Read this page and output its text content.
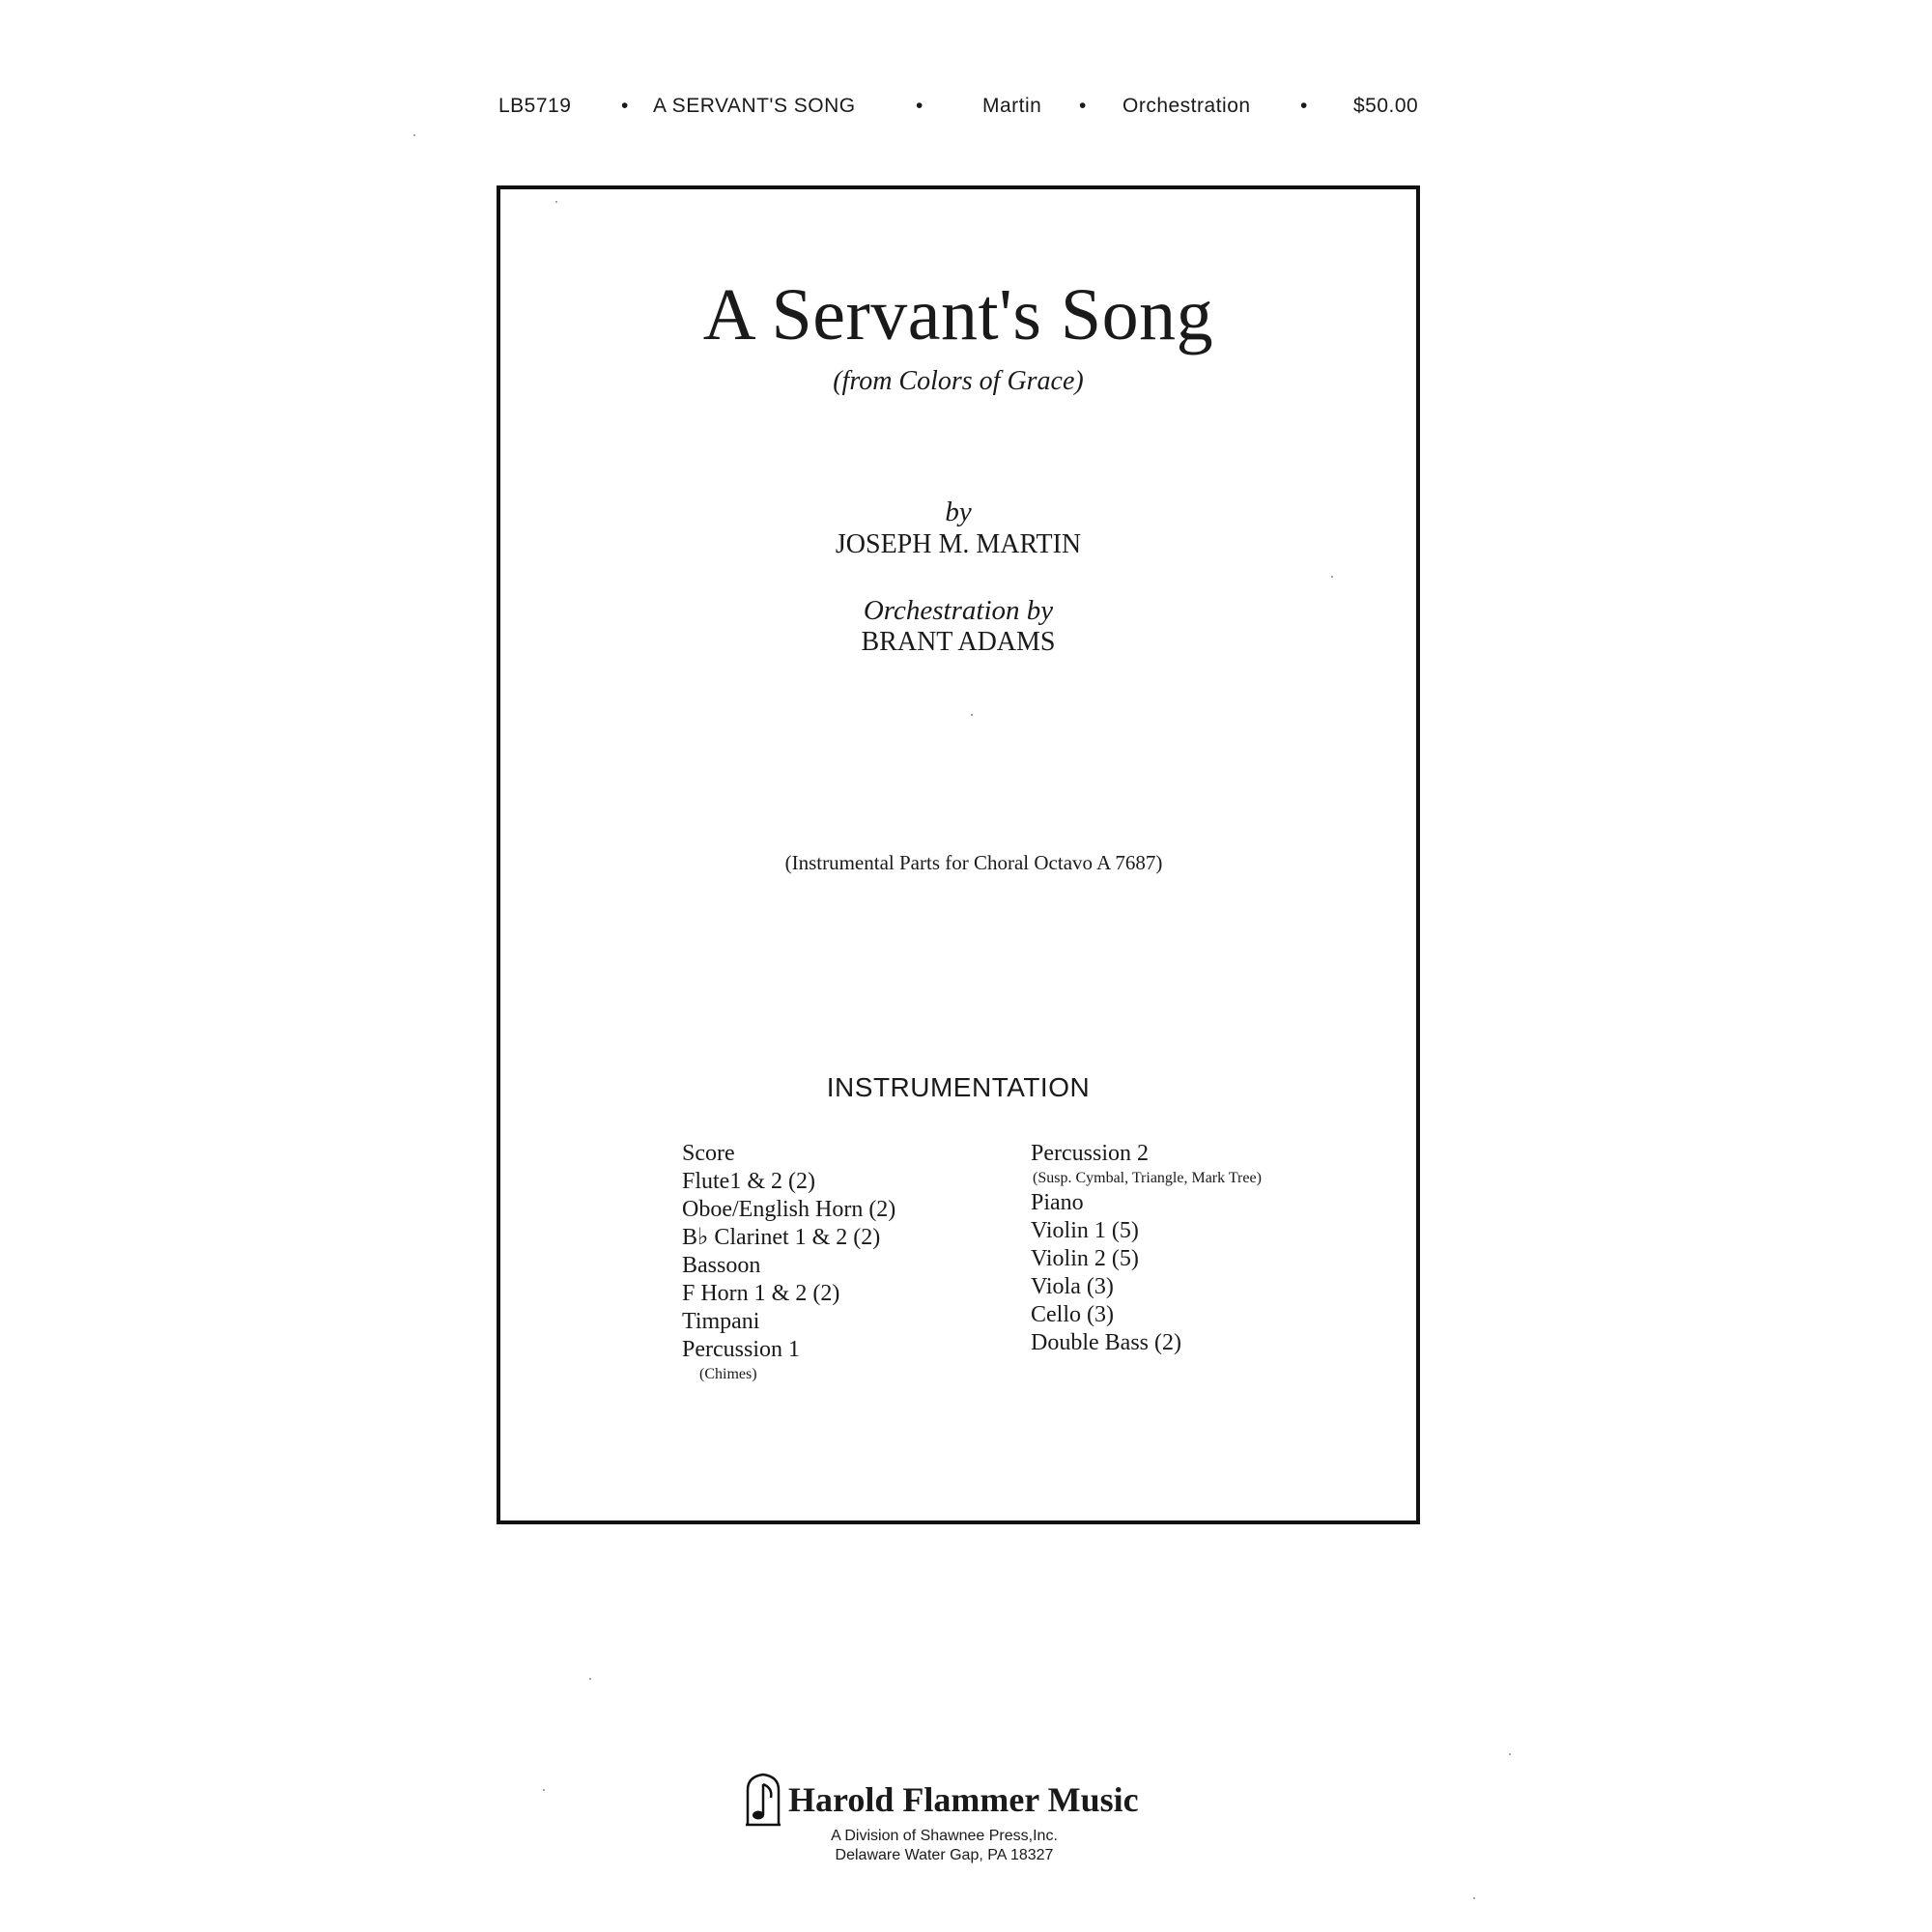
LB5719 • A SERVANT'S SONG	•	Martin • Orchestration • $50.00
A Servant's Song
(from Colors of Grace)
by
JOSEPH M. MARTIN
Orchestration by
BRANT ADAMS
(Instrumental Parts for Choral Octavo A 7687)
INSTRUMENTATION
Score
Flute1 & 2 (2)
Oboe/English Horn (2)
B♭ Clarinet 1 & 2 (2)
Bassoon
F Horn 1 & 2 (2)
Timpani
Percussion 1
(Chimes)
Percussion 2
(Susp. Cymbal, Triangle, Mark Tree)
Piano
Violin 1 (5)
Violin 2 (5)
Viola (3)
Cello (3)
Double Bass (2)
Harold Flammer Music
A Division of Shawnee Press,Inc.
Delaware Water Gap, PA 18327
